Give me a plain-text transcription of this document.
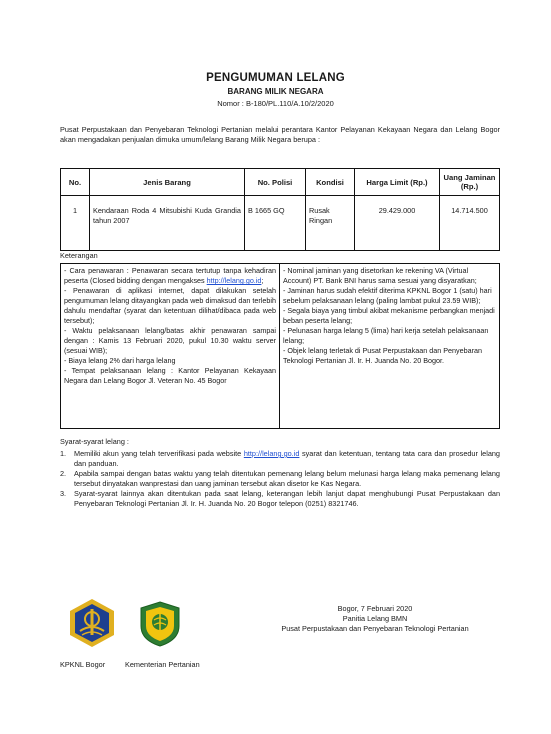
PENGUMUMAN LELANG
BARANG MILIK NEGARA
Nomor : B-180/PL.110/A.10/2/2020
Pusat Perpustakaan dan Penyebaran Teknologi Pertanian melalui perantara Kantor Pelayanan Kekayaan Negara dan Lelang Bogor akan mengadakan penjualan dimuka umum/lelang Barang Milik Negara berupa :
No.	Jenis Barang	No. Polisi	Kondisi	Harga Limit (Rp.)	Uang Jaminan (Rp.)
1	Kendaraan Roda 4 Mitsubishi Kuda Grandia tahun 2007	B 1665 GQ	Rusak Ringan	29.429.000	14.714.500
Keterangan

- Cara penawaran : Penawaran secara tertutup tanpa kehadiran peserta (Closed bidding dengan mengakses http://lelang.go.id;

- Penawaran di aplikasi internet, dapat dilakukan setelah pengumuman lelang ditayangkan pada web dimaksud dan terlebih dahulu mendaftar (syarat dan ketentuan dilihat/dibaca pada web tersebut);

- Waktu pelaksanaan lelang/batas akhir penawaran sampai dengan : Kamis 13 Februari 2020, pukul 10.30 waktu server (sesuai WIB);

- Biaya lelang 2% dari harga lelang

- Tempat pelaksanaan lelang : Kantor Pelayanan Kekayaan Negara dan Lelang Bogor Jl. Veteran No. 45 Bogor

- Nominal jaminan yang disetorkan ke rekening VA (Virtual Account) PT. Bank BNI harus sama sesuai yang disyaratkan;

- Jaminan harus sudah efektif diterima KPKNL Bogor 1 (satu) hari sebelum pelaksanaan lelang (paling lambat pukul 23.59 WIB);

- Segala biaya yang timbul akibat mekanisme perbangkan menjadi beban peserta lelang;

- Pelunasan harga lelang 5 (lima) hari kerja setelah pelaksanaan lelang;

- Objek lelang terletak di Pusat Perpustakaan dan Penyebaran Teknologi Pertanian Jl. Ir. H. Juanda No. 20 Bogor.

Syarat-syarat lelang :
1.	Memiliki akun yang telah terverifikasi pada website http://lelang.go.id syarat dan ketentuan, tentang tata cara dan prosedur lelang dan panduan.
2.	Apabila sampai dengan batas waktu yang telah ditentukan pemenang lelang belum melunasi harga lelang maka pemenang lelang tersebut dinyatakan wanprestasi dan uang jaminan tersebut akan disetor ke Kas Negara.
3.	Syarat-syarat lainnya akan ditentukan pada saat lelang, keterangan lebih lanjut dapat menghubungi Pusat Perpustakaan dan Penyebaran Teknologi Pertanian Jl. Ir. H. Juanda No. 20 Bogor telepon (0251) 8321746.
KPKNL Bogor	Kementerian Pertanian
Bogor, 7 Februari 2020
Panitia Lelang BMN
Pusat Perpustakaan dan Penyebaran Teknologi Pertanian
